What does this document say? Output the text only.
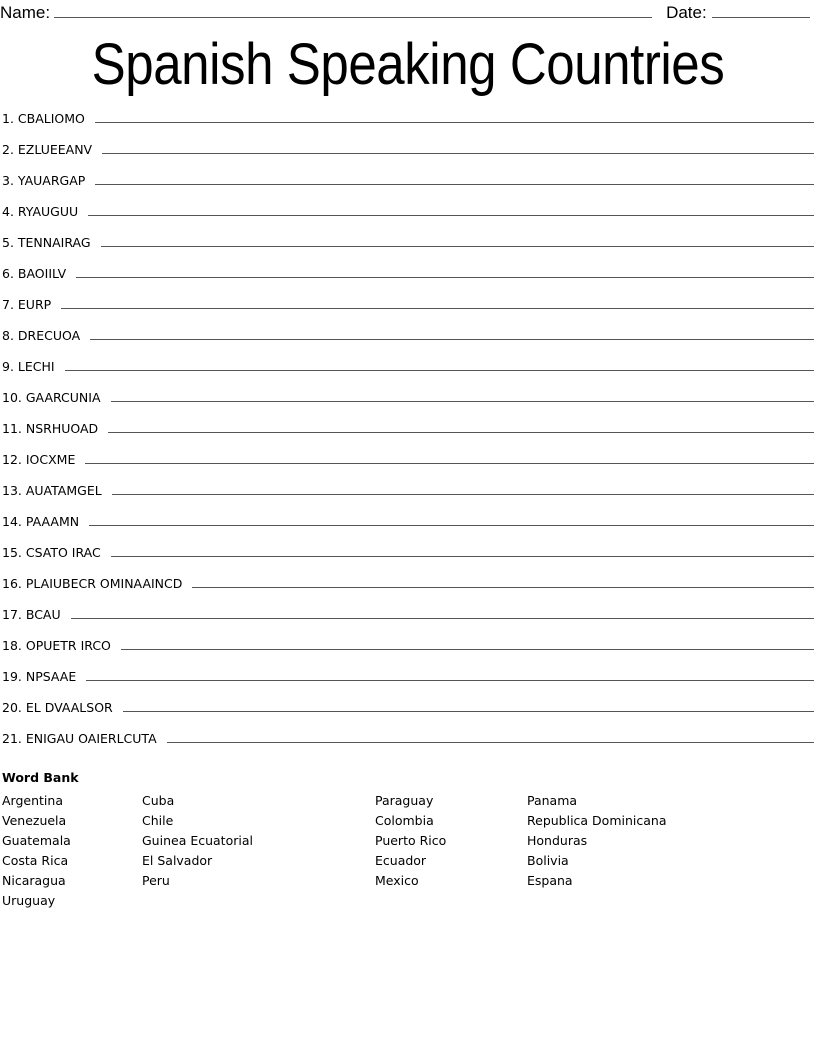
Name:	Date:
Spanish Speaking Countries
1. CBALIOMO
2. EZLUEEANV
3. YAUARGAP
4. RYAUGUU
5. TENNAIRAG
6. BAOIILV
7. EURP
8. DRECUOA
9. LECHI
10. GAARCUNIA
11. NSRHUOAD
12. IOCXME
13. AUATAMGEL
14. PAAAMN
15. CSATO IRAC
16. PLAIUBECR OMINAAINCD
17. BCAU
18. OPUETR IRCO
19. NPSAAE
20. EL DVAALSOR
21. ENIGAU OAIERLCUTA
Word Bank
Argentina
Venezuela
Guatemala
Costa Rica
Nicaragua
Uruguay
Cuba
Chile
Guinea Ecuatorial
El Salvador
Peru
Paraguay
Colombia
Puerto Rico
Ecuador
Mexico
Panama
Republica Dominicana
Honduras
Bolivia
Espana
